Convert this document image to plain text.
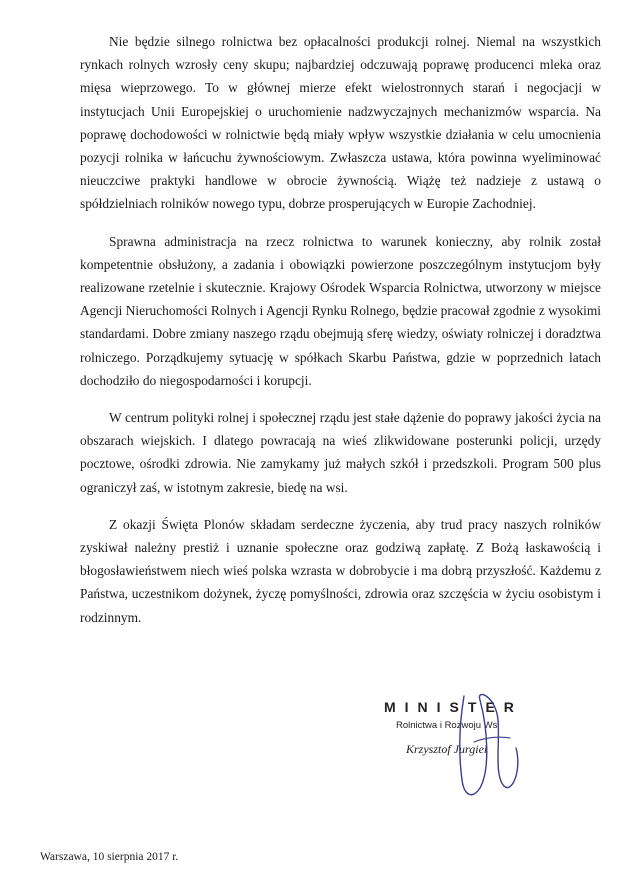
Nie będzie silnego rolnictwa bez opłacalności produkcji rolnej. Niemal na wszystkich rynkach rolnych wzrosły ceny skupu; najbardziej odczuwają poprawę producenci mleka oraz mięsa wieprzowego. To w głównej mierze efekt wielostronnych starań i negocjacji w instytucjach Unii Europejskiej o uruchomienie nadzwyczajnych mechanizmów wsparcia. Na poprawę dochodowości w rolnictwie będą miały wpływ wszystkie działania w celu umocnienia pozycji rolnika w łańcuchu żywnościowym. Zwłaszcza ustawa, która powinna wyeliminować nieuczciwe praktyki handlowe w obrocie żywnością. Wiążę też nadzieje z ustawą o spółdzielniach rolników nowego typu, dobrze prosperujących w Europie Zachodniej.

Sprawna administracja na rzecz rolnictwa to warunek konieczny, aby rolnik został kompetentnie obsłużony, a zadania i obowiązki powierzone poszczególnym instytucjom były realizowane rzetelnie i skutecznie. Krajowy Ośrodek Wsparcia Rolnictwa, utworzony w miejsce Agencji Nieruchomości Rolnych i Agencji Rynku Rolnego, będzie pracował zgodnie z wysokimi standardami. Dobre zmiany naszego rządu obejmują sferę wiedzy, oświaty rolniczej i doradztwa rolniczego. Porządkujemy sytuację w spółkach Skarbu Państwa, gdzie w poprzednich latach dochodziło do niegospodarności i korupcji.

W centrum polityki rolnej i społecznej rządu jest stałe dążenie do poprawy jakości życia na obszarach wiejskich. I dlatego powracają na wieś zlikwidowane posterunki policji, urzędy pocztowe, ośrodki zdrowia. Nie zamykamy już małych szkół i przedszkoli. Program 500 plus ograniczył zaś, w istotnym zakresie, biedę na wsi.

Z okazji Święta Plonów składam serdeczne życzenia, aby trud pracy naszych rolników zyskiwał należny prestiż i uznanie społeczne oraz godziwą zapłatę. Z Bożą łaskawością i błogosławieństwem niech wieś polska wzrasta w dobrobycie i ma dobrą przyszłość. Każdemu z Państwa, uczestnikom dożynek, życzę pomyślności, zdrowia oraz szczęścia w życiu osobistym i rodzinnym.

MINISTER
Rolnictwa i Rozwoju Wsi
Krzysztof Jurgiel
Warszawa, 10 sierpnia 2017 r.
